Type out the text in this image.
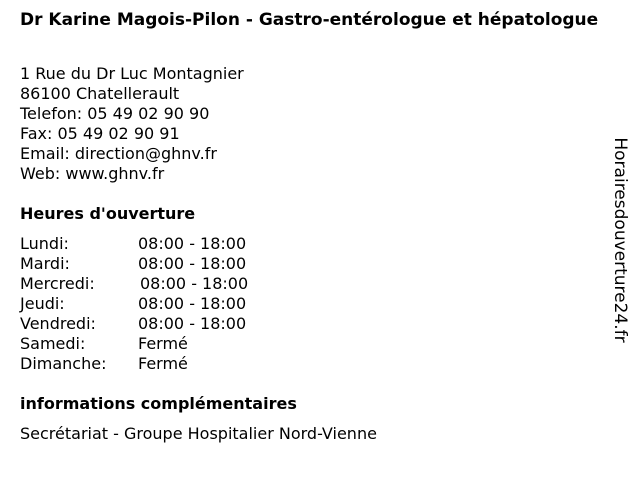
Dr Karine Magois-Pilon - Gastro-entérologue et hépatologue
1 Rue du Dr Luc Montagnier
86100 Chatellerault
Telefon: 05 49 02 90 90
Fax: 05 49 02 90 91
Email: direction@ghnv.fr
Web: www.ghnv.fr
Heures d'ouverture
Lundi:	08:00 - 18:00
Mardi:	08:00 - 18:00
Mercredi:	08:00 - 18:00
Jeudi:	08:00 - 18:00
Vendredi:	08:00 - 18:00
Samedi:	Fermé
Dimanche: Fermé
informations complémentaires
Secrétariat - Groupe Hospitalier Nord-Vienne
Horairesdouverture24.fr
